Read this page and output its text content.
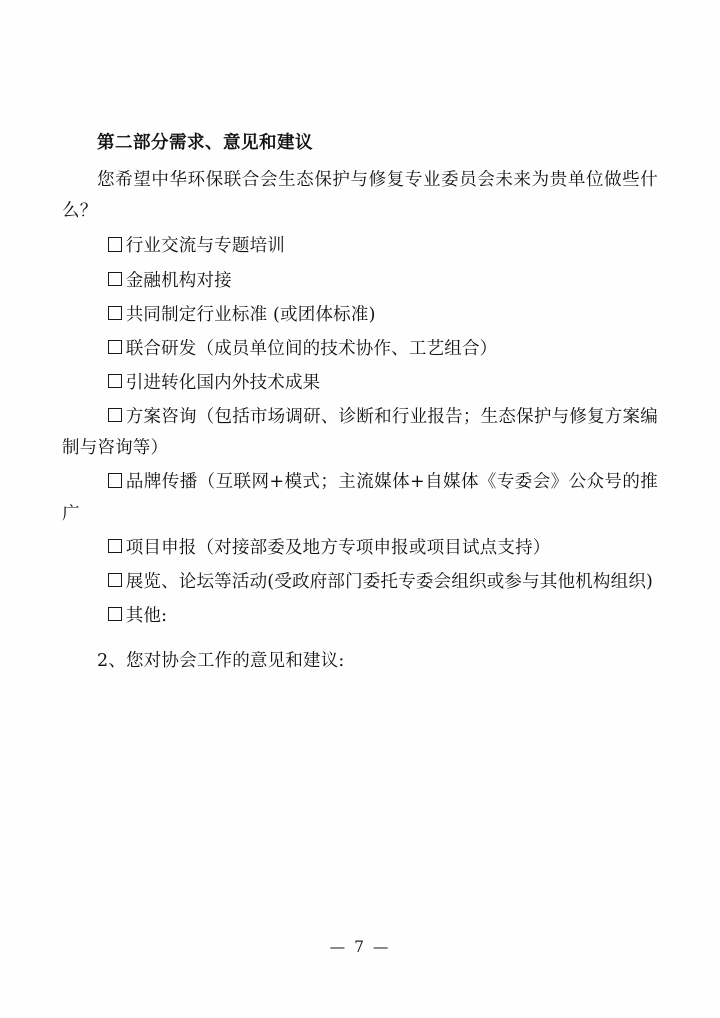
第二部分需求、意见和建议

您希望中华环保联合会生态保护与修复专业委员会未来为贵单位做些什么？

行业交流与专题培训

金融机构对接

共同制定行业标准 (或团体标准)

联合研发（成员单位间的技术协作、工艺组合）

引进转化国内外技术成果

方案咨询（包括市场调研、诊断和行业报告；生态保护与修复方案编制与咨询等）

品牌传播（互联网+模式；主流媒体+自媒体《专委会》公众号的推广

项目申报（对接部委及地方专项申报或项目试点支持）

展览、论坛等活动(受政府部门委托专委会组织或参与其他机构组织)

其他:

2、您对协会工作的意见和建议:

— 7 —
